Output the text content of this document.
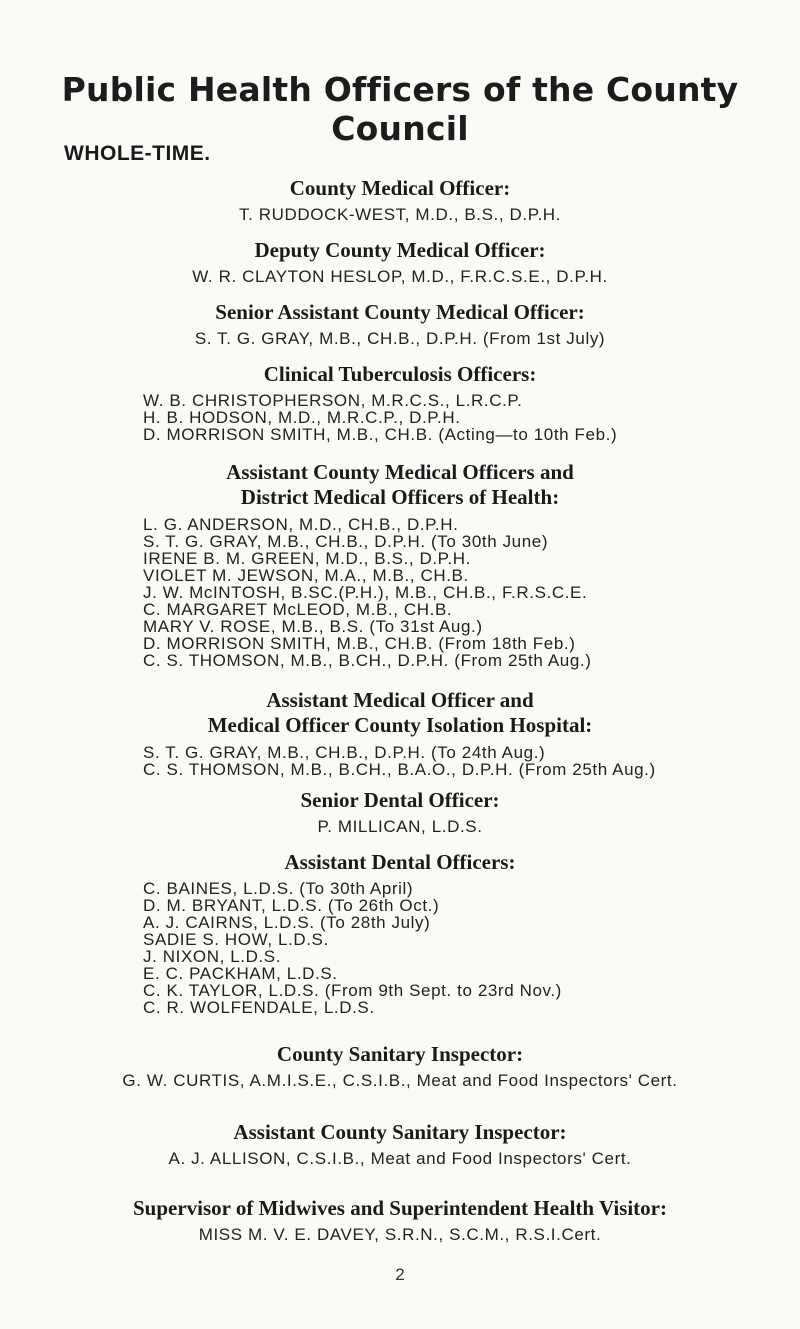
Public Health Officers of the County Council

WHOLE-TIME.

County Medical Officer:
T. RUDDOCK-WEST, M.D., B.S., D.P.H.
Deputy County Medical Officer:
W. R. CLAYTON HESLOP, M.D., F.R.C.S.E., D.P.H.
Senior Assistant County Medical Officer:
S. T. G. GRAY, M.B., CH.B., D.P.H. (From 1st July)
Clinical Tuberculosis Officers:
W. B. CHRISTOPHERSON, M.R.C.S., L.R.C.P.
H. B. HODSON, M.D., M.R.C.P., D.P.H.
D. MORRISON SMITH, M.B., CH.B. (Acting—to 10th Feb.)
Assistant County Medical Officers and
District Medical Officers of Health:
L. G. ANDERSON, M.D., CH.B., D.P.H.
S. T. G. GRAY, M.B., CH.B., D.P.H. (To 30th June)
IRENE B. M. GREEN, M.D., B.S., D.P.H.
VIOLET M. JEWSON, M.A., M.B., CH.B.
J. W. McINTOSH, B.SC.(P.H.), M.B., CH.B., F.R.S.C.E.
C. MARGARET McLEOD, M.B., CH.B.
MARY V. ROSE, M.B., B.S. (To 31st Aug.)
D. MORRISON SMITH, M.B., CH.B. (From 18th Feb.)
C. S. THOMSON, M.B., B.CH., D.P.H. (From 25th Aug.)
Assistant Medical Officer and
Medical Officer County Isolation Hospital:
S. T. G. GRAY, M.B., CH.B., D.P.H. (To 24th Aug.)
C. S. THOMSON, M.B., B.CH., B.A.O., D.P.H. (From 25th Aug.)
Senior Dental Officer:
P. MILLICAN, L.D.S.
Assistant Dental Officers:
C. BAINES, L.D.S. (To 30th April)
D. M. BRYANT, L.D.S. (To 26th Oct.)
A. J. CAIRNS, L.D.S. (To 28th July)
SADIE S. HOW, L.D.S.
J. NIXON, L.D.S.
E. C. PACKHAM, L.D.S.
C. K. TAYLOR, L.D.S. (From 9th Sept. to 23rd Nov.)
C. R. WOLFENDALE, L.D.S.
County Sanitary Inspector:
G. W. CURTIS, A.M.I.S.E., C.S.I.B., Meat and Food Inspectors' Cert.
Assistant County Sanitary Inspector:
A. J. ALLISON, C.S.I.B., Meat and Food Inspectors' Cert.
Supervisor of Midwives and Superintendent Health Visitor:
MISS M. V. E. DAVEY, S.R.N., S.C.M., R.S.I.Cert.
2
